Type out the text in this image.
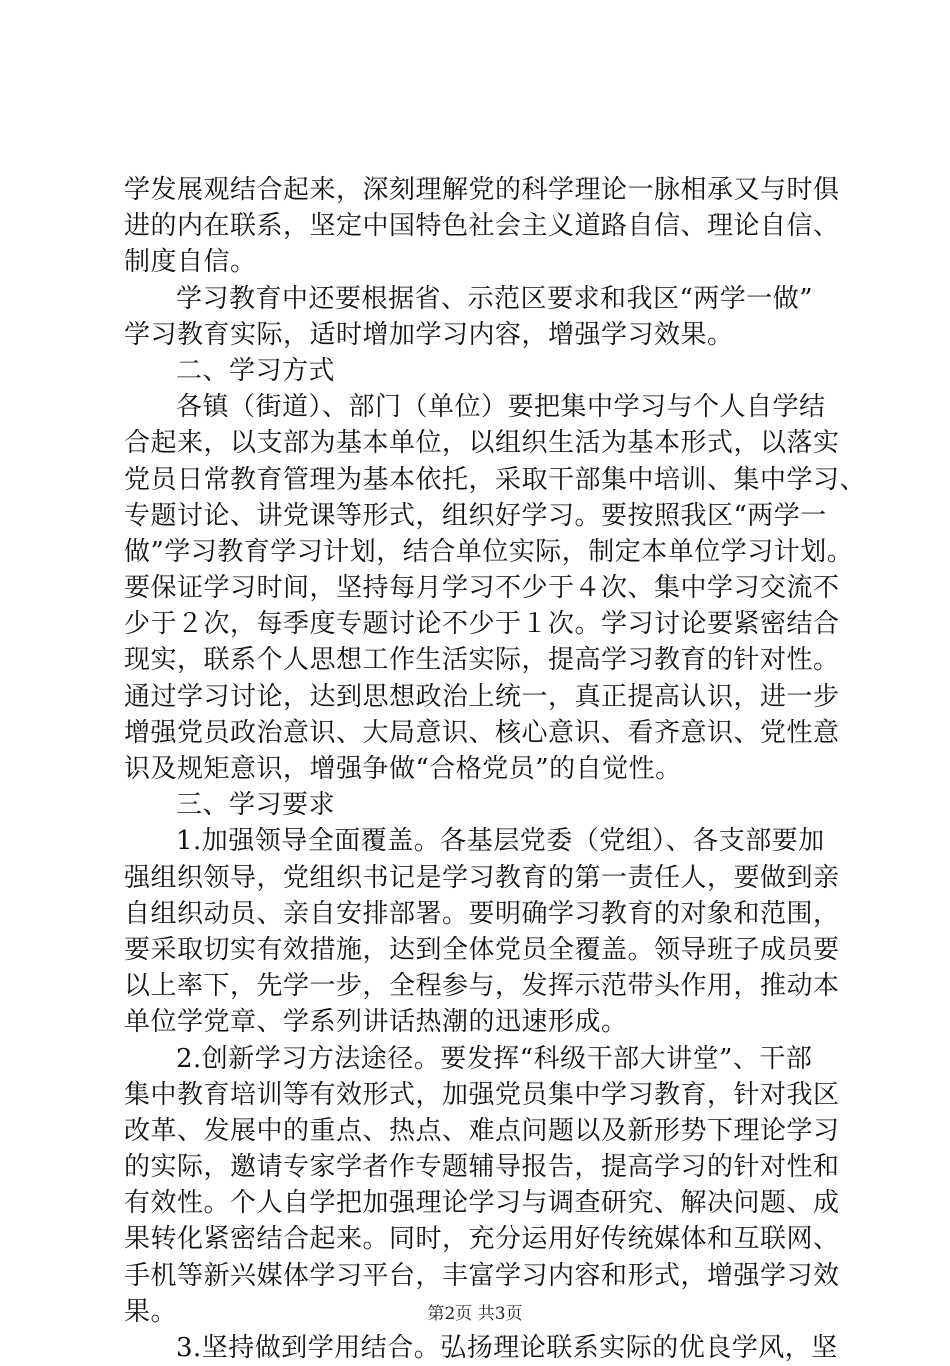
学发展观结合起来，深刻理解党的科学理论一脉相承又与时俱
进的内在联系，坚定中国特色社会主义道路自信、理论自信、
制度自信。
学习教育中还要根据省、示范区要求和我区“两学一做”
学习教育实际，适时增加学习内容，增强学习效果。
二、学习方式
各镇（街道）、部门（单位）要把集中学习与个人自学结
合起来，以支部为基本单位，以组织生活为基本形式，以落实
党员日常教育管理为基本依托，采取干部集中培训、集中学习、
专题讨论、讲党课等形式，组织好学习。要按照我区“两学一
做”学习教育学习计划，结合单位实际，制定本单位学习计划。
要保证学习时间，坚持每月学习不少于４次、集中学习交流不
少于２次，每季度专题讨论不少于１次。学习讨论要紧密结合
现实，联系个人思想工作生活实际，提高学习教育的针对性。
通过学习讨论，达到思想政治上统一，真正提高认识，进一步
增强党员政治意识、大局意识、核心意识、看齐意识、党性意
识及规矩意识，增强争做“合格党员”的自觉性。
三、学习要求
1.加强领导全面覆盖。各基层党委（党组）、各支部要加
强组织领导，党组织书记是学习教育的第一责任人，要做到亲
自组织动员、亲自安排部署。要明确学习教育的对象和范围，
要采取切实有效措施，达到全体党员全覆盖。领导班子成员要
以上率下，先学一步，全程参与，发挥示范带头作用，推动本
单位学党章、学系列讲话热潮的迅速形成。
2.创新学习方法途径。要发挥“科级干部大讲堂”、干部
集中教育培训等有效形式，加强党员集中学习教育，针对我区
改革、发展中的重点、热点、难点问题以及新形势下理论学习
的实际，邀请专家学者作专题辅导报告，提高学习的针对性和
有效性。个人自学把加强理论学习与调查研究、解决问题、成
果转化紧密结合起来。同时，充分运用好传统媒体和互联网、
手机等新兴媒体学习平台，丰富学习内容和形式，增强学习效
果。
3.坚持做到学用结合。弘扬理论联系实际的优良学风，坚
第2页 共3页
